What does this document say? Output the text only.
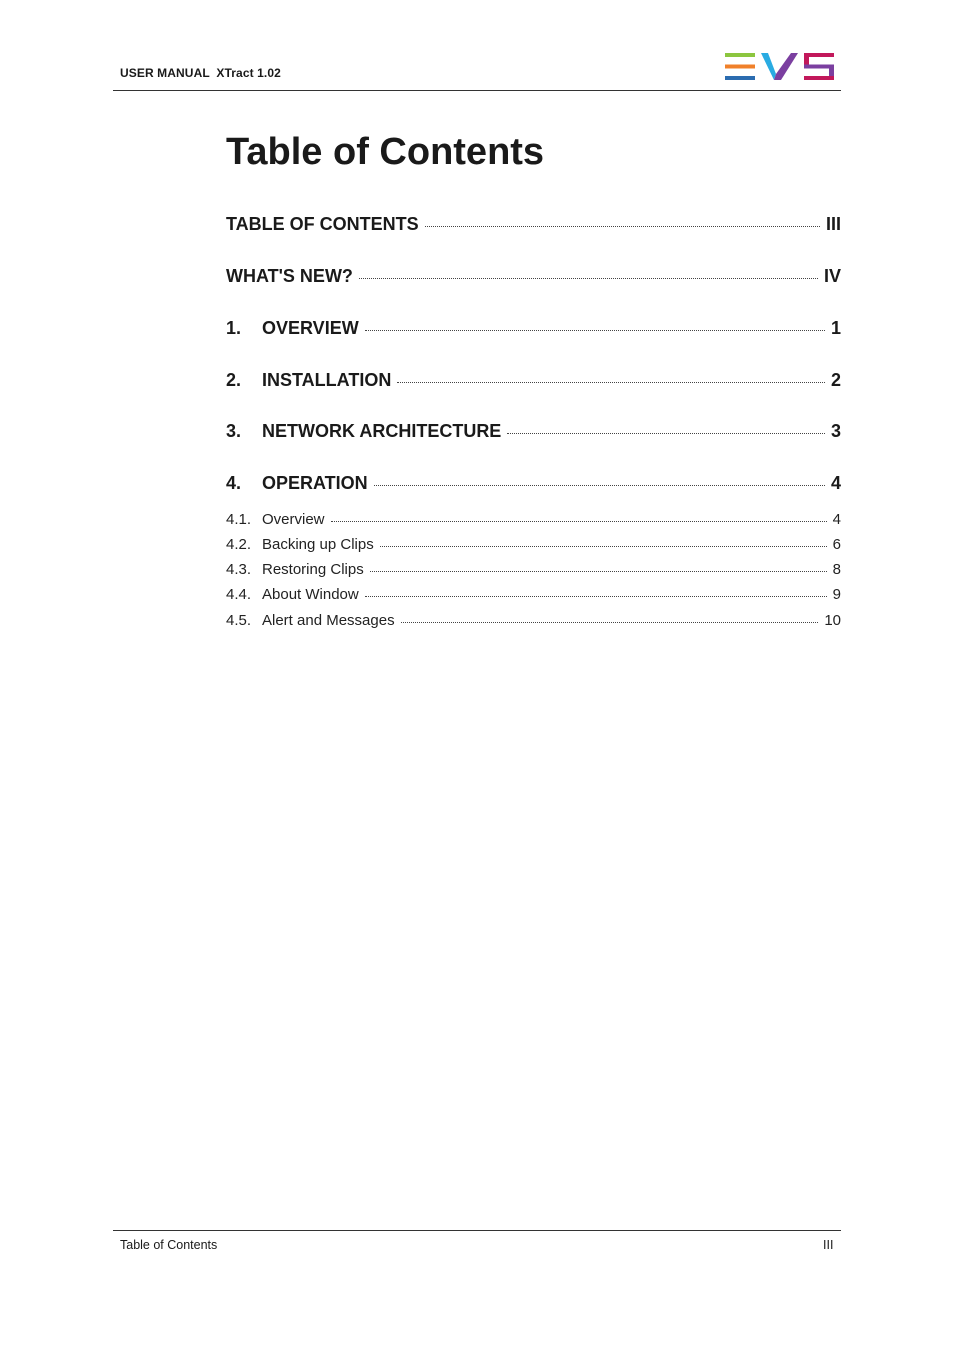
USER MANUAL  XTract 1.02
Table of Contents
TABLE OF CONTENTS	III
WHAT'S NEW?	IV
1.	OVERVIEW	1
2.	INSTALLATION	2
3.	NETWORK ARCHITECTURE	3
4.	OPERATION	4
4.1. Overview	4
4.2. Backing up Clips	6
4.3. Restoring Clips	8
4.4. About Window	9
4.5. Alert and Messages	10
Table of Contents	III
